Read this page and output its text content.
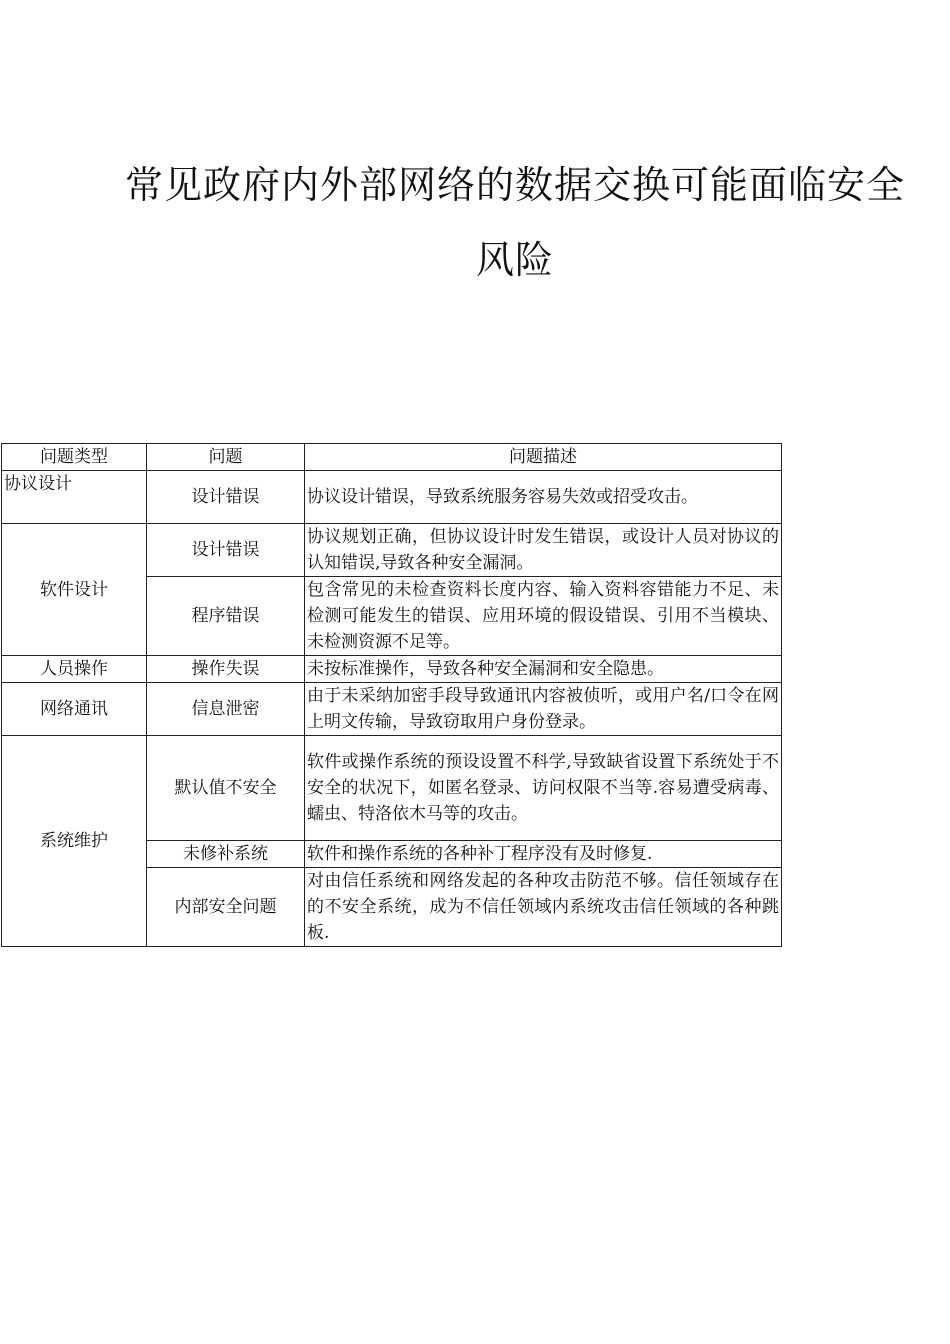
常见政府内外部网络的数据交换可能面临安全风险
问题类型	问题	问题描述
协议设计	设计错误	协议设计错误，导致系统服务容易失效或招受攻击。
软件设计	设计错误	协议规划正确，但协议设计时发生错误，或设计人员对协议的认知错误,导致各种安全漏洞。
	程序错误	包含常见的未检查资料长度内容、输入资料容错能力不足、未检测可能发生的错误、应用环境的假设错误、引用不当模块、未检测资源不足等。
人员操作	操作失误	未按标准操作，导致各种安全漏洞和安全隐患。
网络通讯	信息泄密	由于未采纳加密手段导致通讯内容被侦听，或用户名/口令在网上明文传输，导致窃取用户身份登录。
系统维护	默认值不安全	软件或操作系统的预设设置不科学,导致缺省设置下系统处于不安全的状况下，如匿名登录、访问权限不当等.容易遭受病毒、蠕虫、特洛依木马等的攻击。
	未修补系统	软件和操作系统的各种补丁程序没有及时修复.
	内部安全问题	对由信任系统和网络发起的各种攻击防范不够。信任领域存在的不安全系统，成为不信任领域内系统攻击信任领域的各种跳板.
